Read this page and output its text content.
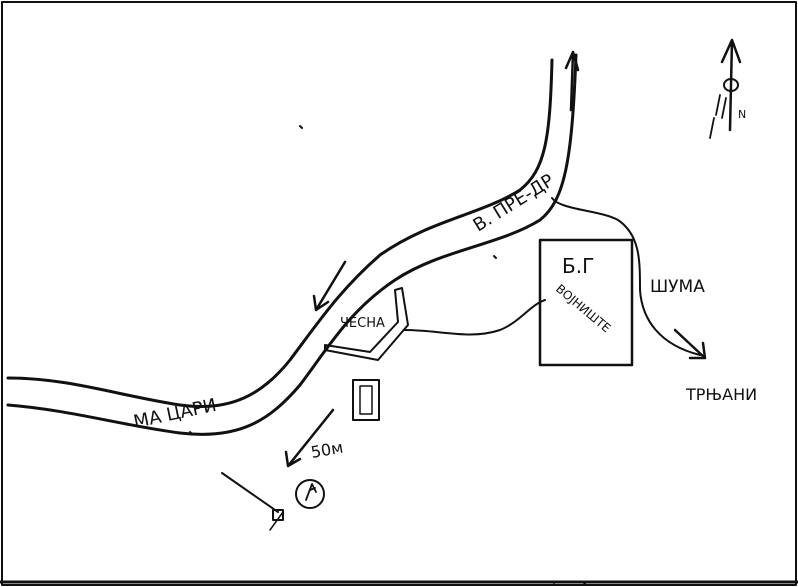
В. ПРЕ-ДР
МА ЦАРИ
ЧЕСНА
Б.Г
ВОЈНИШТЕ ШУМА
ТРЊАНИ
50м
N
